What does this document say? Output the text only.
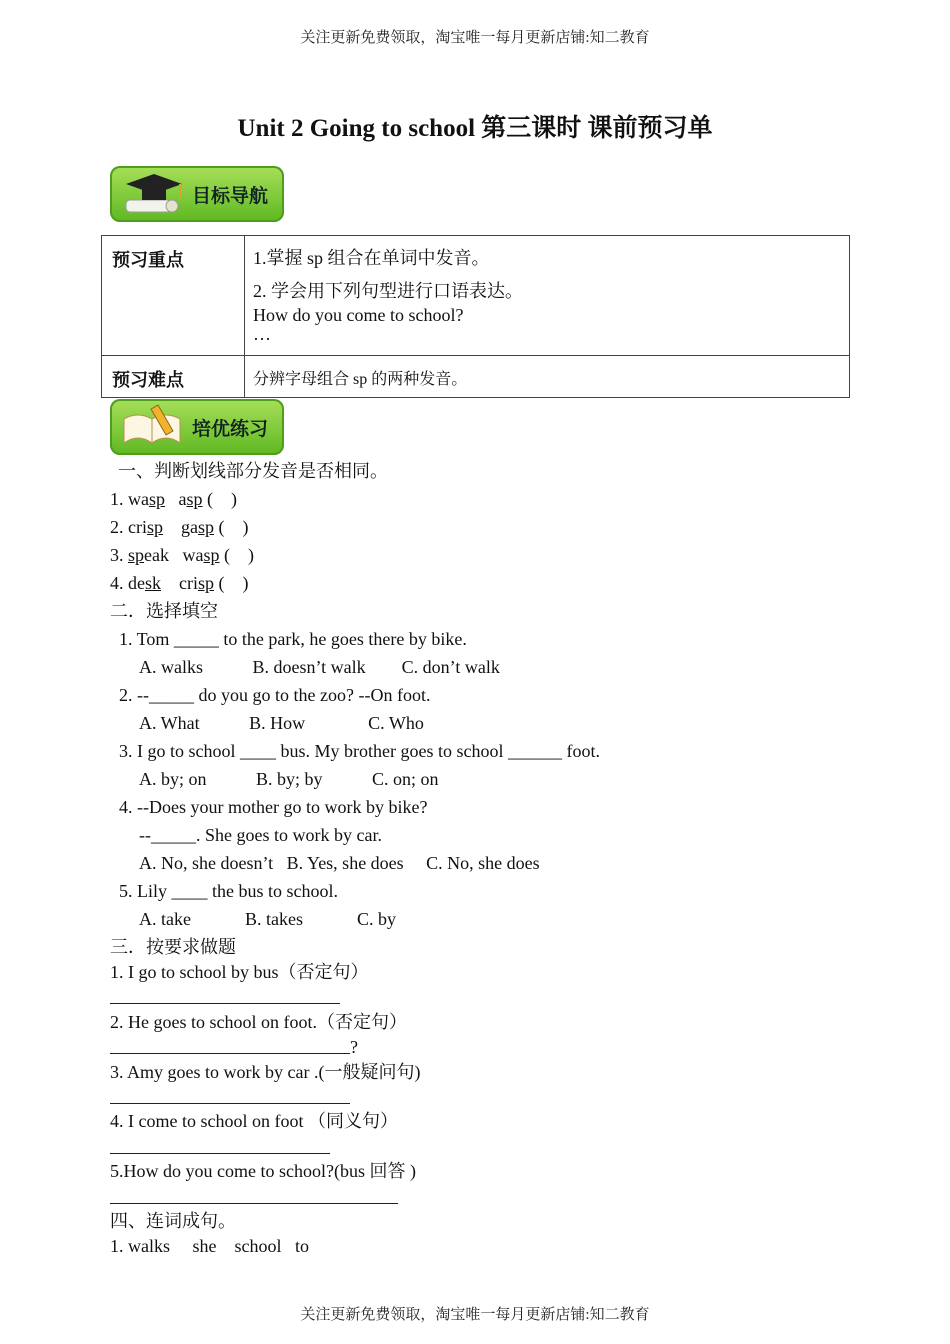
关注更新免费领取，淘宝唯一每月更新店铺:知二教育
Unit 2 Going to school 第三课时 课前预习单
目标导航
预习重点	1.掌握 sp 组合在单词中发音。
2. 学会用下列句型进行口语表达。
How do you come to school?
…

预习难点	分辨字母组合 sp 的两种发音。
培优练习
一、判断划线部分发音是否相同。
1. wasp asp (    )
2. crisp gasp (    )
3. speak wasp (    )
4. desk crisp (    )
二．选择填空
1. Tom _____ to the park, he goes there by bike.
A. walks           B. doesn’t walk        C. don’t walk
2. --_____ do you go to the zoo? --On foot.
A. What           B. How              C. Who
3. I go to school ____ bus. My brother goes to school ______ foot.
A. by; on           B. by; by           C. on; on
4. --Does your mother go to work by bike?
--_____. She goes to work by car.
A. No, she doesn’t   B. Yes, she does     C. No, she does
5. Lily ____ the bus to school.
A. take            B. takes            C. by
三．按要求做题
1. I go to school by bus（否定句）
2. He goes to school on foot.（否定句）
?
3. Amy goes to work by car .(一般疑问句)
4. I come to school on foot （同义句）
5.How do you come to school?(bus 回答 )
四、连词成句。
1. walks     she    school   to
关注更新免费领取，淘宝唯一每月更新店铺:知二教育
